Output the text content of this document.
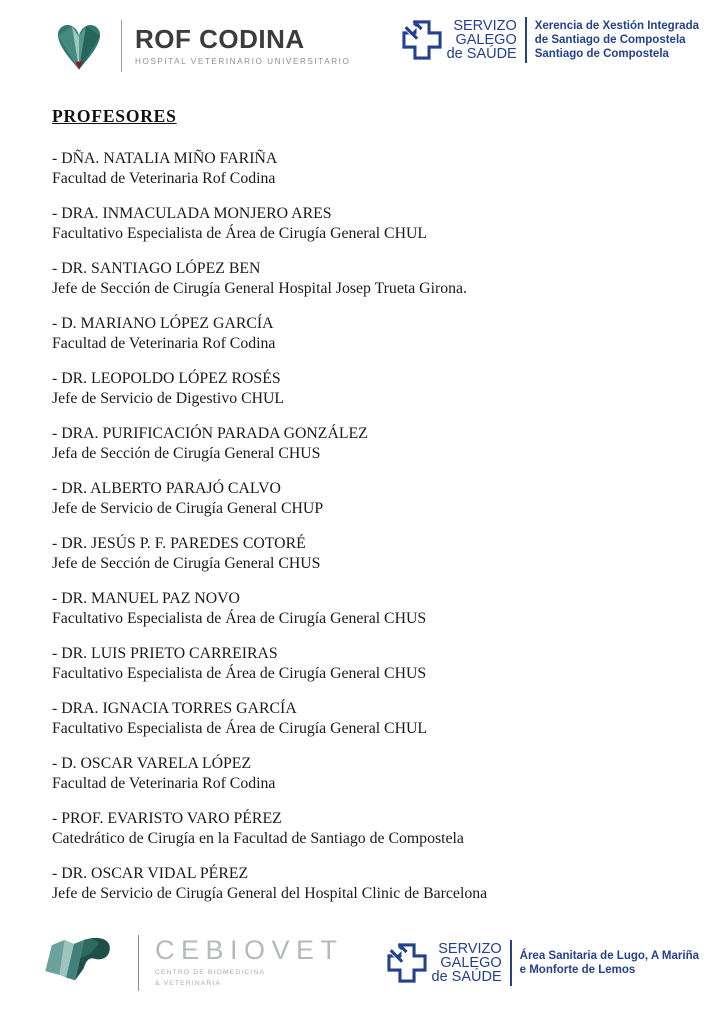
ROF CODINA
HOSPITAL VETERINARIO UNIVERSITARIO
SERVIZO
GALEGO
de SAÚDE
Xerencia de Xestión Integrada
de Santiago de Compostela
Santiago de Compostela
PROFESORES
- DÑA. NATALIA MIÑO FARIÑA
Facultad de Veterinaria Rof Codina
- DRA. INMACULADA MONJERO ARES
Facultativo Especialista de Área de Cirugía General CHUL
- DR. SANTIAGO LÓPEZ BEN
Jefe de Sección de Cirugía General Hospital Josep Trueta Girona.
- D. MARIANO LÓPEZ GARCÍA
Facultad de Veterinaria Rof Codina
- DR. LEOPOLDO LÓPEZ ROSÉS
Jefe de Servicio de Digestivo CHUL
- DRA. PURIFICACIÓN PARADA GONZÁLEZ
Jefa de Sección de Cirugía General CHUS
- DR. ALBERTO PARAJÓ CALVO
Jefe de Servicio de Cirugía General CHUP
- DR. JESÚS P. F. PAREDES COTORÉ
Jefe de Sección de Cirugía General CHUS
- DR. MANUEL PAZ NOVO
Facultativo Especialista de Área de Cirugía General CHUS
- DR. LUIS PRIETO CARREIRAS
Facultativo Especialista de Área de Cirugía General CHUS
- DRA. IGNACIA TORRES GARCÍA
Facultativo Especialista de Área de Cirugía General CHUL
- D. OSCAR VARELA LÓPEZ
Facultad de Veterinaria Rof Codina
- PROF. EVARISTO VARO PÉREZ
Catedrático de Cirugía en la Facultad de Santiago de Compostela
- DR. OSCAR VIDAL PÉREZ
Jefe de Servicio de Cirugía General del Hospital Clinic de Barcelona
CEBIOVET
CENTRO DE BIOMEDICINA
& VETERINARIA
SERVIZO
GALEGO
de SAÚDE
Área Sanitaria de Lugo, A Mariña
e Monforte de Lemos
